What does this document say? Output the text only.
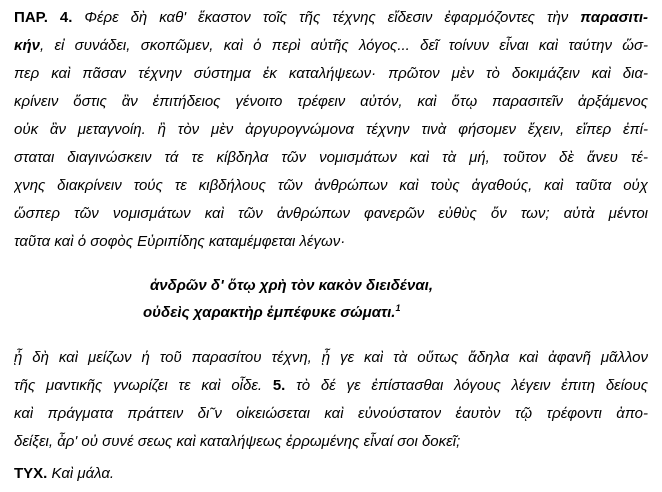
ΠΑΡ. 4. Φέρε δὴ καθ' ἕκαστον τοῖς τῆς τέχνης εἴδεσιν ἐφαρμόζοντες τὴν παρασιτι-
κήν, εἰ συνάδει, σκοπῶμεν, καὶ ὁ περὶ αὐτῆς λόγος... δεῖ τοίνυν εἶναι καὶ ταύτην ὥσ-
περ καὶ πᾶσαν τέχνην σύστημα ἐκ καταλήψεων· πρῶτον μὲν τὸ δοκιμάζειν καὶ δια-
κρίνειν ὅστις ἂν ἐπιτήδειος γένοιτο τρέφειν αὐτόν, καὶ ὅτῳ παρασιτεῖν ἀρξάμενος
οὐκ ἂν μεταγνοίη. ἢ τὸν μὲν ἀργυρογνώμονα τέχνην τινὰ φήσομεν ἔχειν, εἴπερ ἐπί-
σταται διαγινώσκειν τά τε κίβδηλα τῶν νομισμάτων καὶ τὰ μή, τοῦτον δὲ ἄνευ τέ-
χνης διακρίνειν τούς τε κιβδήλους τῶν ἀνθρώπων καὶ τοὺς ἀγαθούς, καὶ ταῦτα οὐχ
ὥσπερ τῶν νομισμάτων καὶ τῶν ἀνθρώπων φανερῶν εὐθὺς ὄν των; αὐτὰ μέντοι
ταῦτα καὶ ὁ σοφὸς Εὐριπίδης καταμέμφεται λέγων·
ἀνδρῶν δ' ὅτῳ χρὴ τὸν κακὸν διειδέναι,
οὐδεὶς χαρακτὴρ ἐμπέφυκε σώματι.$^1$
ᾗ δὴ καὶ μείζων ἡ τοῦ παρασίτου τέχνη, ᾗ γε καὶ τὰ οὕτως ἄδηλα καὶ ἀφανῆ μᾶλλον
τῆς μαντικῆς γνωρίζει τε καὶ οἶδε. 5. τὸ δέ γε ἐπίστασθαι λόγους λέγειν ἐπιτη δείους
καὶ πράγματα πράττειν δι῀ν οἰκειώσεται καὶ εὐνούστατον ἑαυτὸν τῷ τρέφοντι ἀπο-
δείξει, ἆρ' οὐ συνέ σεως καὶ καταλήψεως ἐρρωμένης εἶναί σοι δοκεῖ;
ΤΥΧ. Καὶ μάλα.
